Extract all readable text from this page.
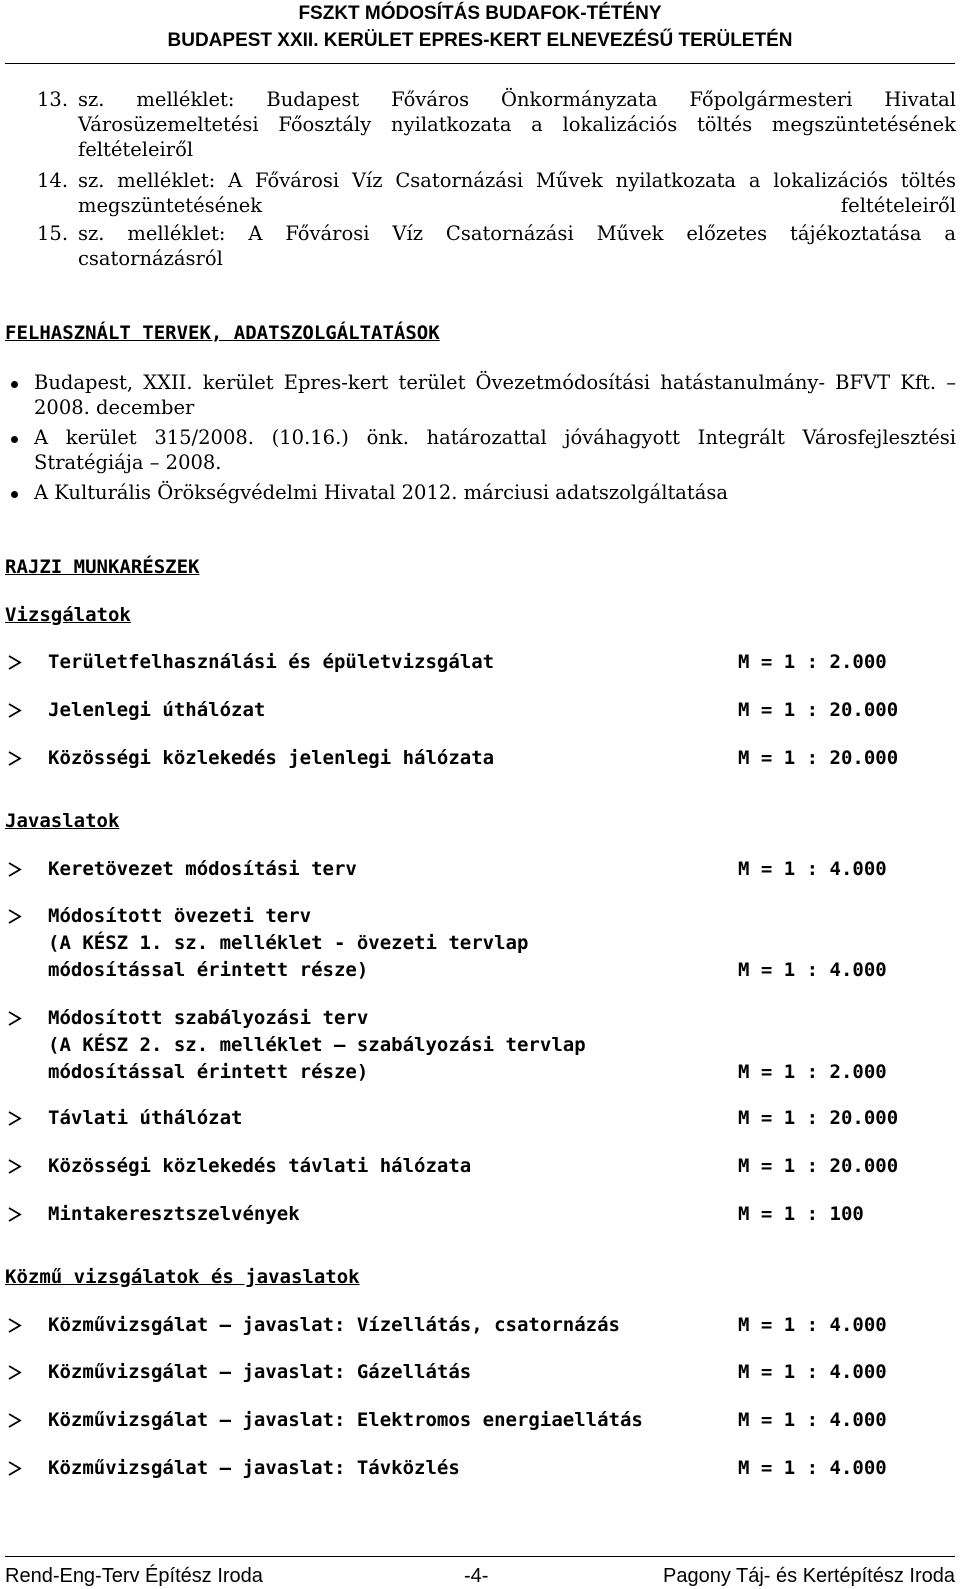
FSZKT MÓDOSÍTÁS BUDAFOK-TÉTÉNY
BUDAPEST XXII. KERÜLET EPRES-KERT ELNEVEZÉSŰ TERÜLETÉN
13. sz. melléklet: Budapest Főváros Önkormányzata Főpolgármesteri Hivatal Városüzemeltetési Főosztály nyilatkozata a lokalizációs töltés megszüntetésének feltételeiről
14. sz. melléklet: A Fővárosi Víz Csatornázási Művek nyilatkozata a lokalizációs töltés megszüntetésének feltételeiről
15. sz. melléklet: A Fővárosi Víz Csatornázási Művek előzetes tájékoztatása a csatornázásról
FELHASZNÁLT TERVEK, ADATSZOLGÁLTATÁSOK
Budapest, XXII. kerület Epres-kert terület Övezetmódosítási hatástanulmány- BFVT Kft. – 2008. december
A kerület 315/2008. (10.16.) önk. határozattal jóváhagyott Integrált Városfejlesztési Stratégiája – 2008.
A Kulturális Örökségvédelmi Hivatal 2012. márciusi adatszolgáltatása
RAJZI MUNKARÉSZEK
Vizsgálatok
Területfelhasználási és épületvizsgálat	M = 1 : 2.000
Jelenlegi úthálózat	M = 1 : 20.000
Közösségi közlekedés jelenlegi hálózata	M = 1 : 20.000
Javaslatok
Keretövezet módosítási terv	M = 1 : 4.000
Módosított övezeti terv
(A KÉSZ 1. sz. melléklet - övezeti tervlap
módosítással érintett része)	M = 1 : 4.000
Módosított szabályozási terv
(A KÉSZ 2. sz. melléklet – szabályozási tervlap
módosítással érintett része)	M = 1 : 2.000
Távlati úthálózat	M = 1 : 20.000
Közösségi közlekedés távlati hálózata	M = 1 : 20.000
Mintakeresztszelvények	M = 1 : 100
Közmű vizsgálatok és javaslatok
Közművizsgálat – javaslat: Vízellátás, csatornázás	M = 1 : 4.000
Közművizsgálat – javaslat: Gázellátás	M = 1 : 4.000
Közművizsgálat – javaslat: Elektromos energiaellátás	M = 1 : 4.000
Közművizsgálat – javaslat: Távközlés	M = 1 : 4.000
Rend-Eng-Terv Építész Iroda	-4-	Pagony Táj- és Kertépítész Iroda
